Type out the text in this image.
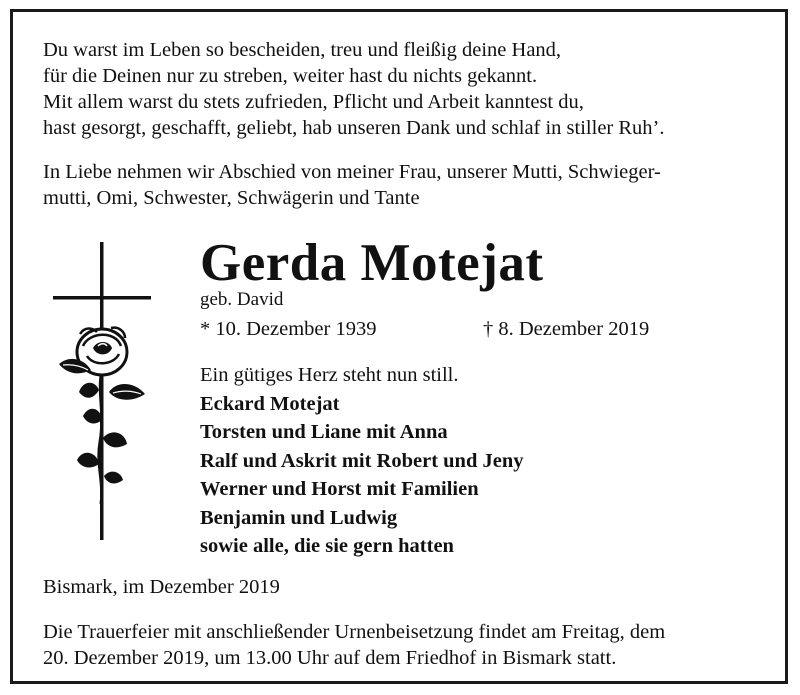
Du warst im Leben so bescheiden, treu und fleißig deine Hand,
für die Deinen nur zu streben, weiter hast du nichts gekannt.
Mit allem warst du stets zufrieden, Pflicht und Arbeit kanntest du,
hast gesorgt, geschafft, geliebt, hab unseren Dank und schlaf in stiller Ruh’.
In Liebe nehmen wir Abschied von meiner Frau, unserer Mutti, Schwieger-
mutti, Omi, Schwester, Schwägerin und Tante
Gerda Motejat
geb. David
* 10. Dezember 1939	† 8. Dezember 2019
Ein gütiges Herz steht nun still.
Eckard Motejat
Torsten und Liane mit Anna
Ralf und Askrit mit Robert und Jeny
Werner und Horst mit Familien
Benjamin und Ludwig
sowie alle, die sie gern hatten
Bismark, im Dezember 2019
Die Trauerfeier mit anschließender Urnenbeisetzung findet am Freitag, dem
20. Dezember 2019, um 13.00 Uhr auf dem Friedhof in Bismark statt.
